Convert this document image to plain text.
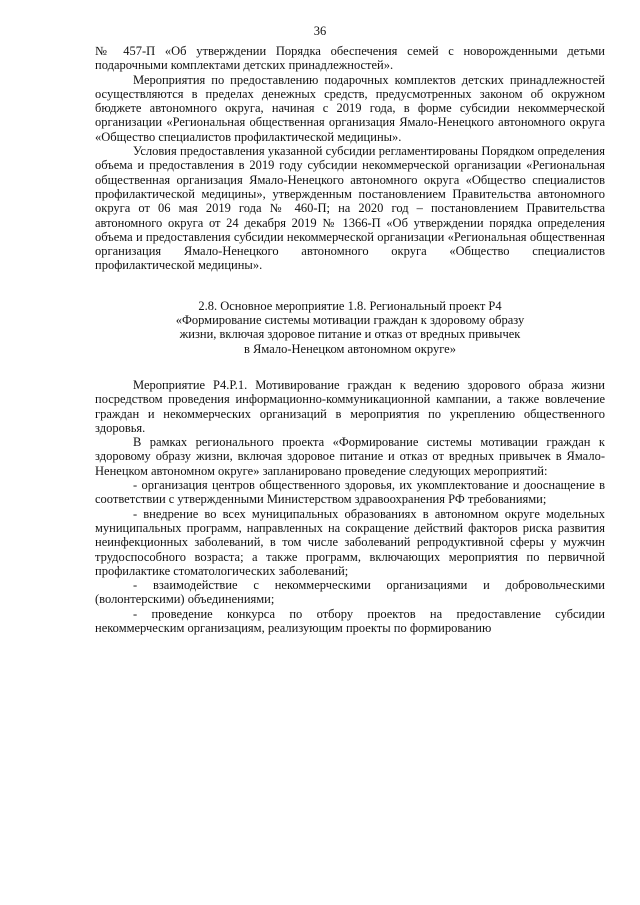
36

№ 457-П «Об утверждении Порядка обеспечения семей с новорожденными детьми подарочными комплектами детских принадлежностей».

Мероприятия по предоставлению подарочных комплектов детских принадлежностей осуществляются в пределах денежных средств, предусмотренных законом об окружном бюджете автономного округа, начиная с 2019 года, в форме субсидии некоммерческой организации «Региональная общественная организация Ямало-Ненецкого автономного округа «Общество специалистов профилактической медицины».

Условия предоставления указанной субсидии регламентированы Порядком определения объема и предоставления в 2019 году субсидии некоммерческой организации «Региональная общественная организация Ямало-Ненецкого автономного округа «Общество специалистов профилактической медицины», утвержденным постановлением Правительства автономного округа от 06 мая 2019 года № 460-П; на 2020 год – постановлением Правительства автономного округа от 24 декабря 2019 № 1366-П «Об утверждении порядка определения объема и предоставления субсидии некоммерческой организации «Региональная общественная организация Ямало-Ненецкого автономного округа «Общество специалистов профилактической медицины».

2.8. Основное мероприятие 1.8. Региональный проект Р4
«Формирование системы мотивации граждан к здоровому образу
жизни, включая здоровое питание и отказ от вредных привычек
в Ямало-Ненецком автономном округе»

Мероприятие Р4.Р.1. Мотивирование граждан к ведению здорового образа жизни посредством проведения информационно-коммуникационной кампании, а также вовлечение граждан и некоммерческих организаций в мероприятия по укреплению общественного здоровья.

В рамках регионального проекта «Формирование системы мотивации граждан к здоровому образу жизни, включая здоровое питание и отказ от вредных привычек в Ямало-Ненецком автономном округе» запланировано проведение следующих мероприятий:

- организация центров общественного здоровья, их укомплектование и дооснащение в соответствии с утвержденными Министерством здравоохранения РФ требованиями;

- внедрение во всех муниципальных образованиях в автономном округе модельных муниципальных программ, направленных на сокращение действий факторов риска развития неинфекционных заболеваний, в том числе заболеваний репродуктивной сферы у мужчин трудоспособного возраста; а также программ, включающих мероприятия по первичной профилактике стоматологических заболеваний;

- взаимодействие с некоммерческими организациями и добровольческими (волонтерскими) объединениями;

- проведение конкурса по отбору проектов на предоставление субсидии некоммерческим организациям, реализующим проекты по формированию
